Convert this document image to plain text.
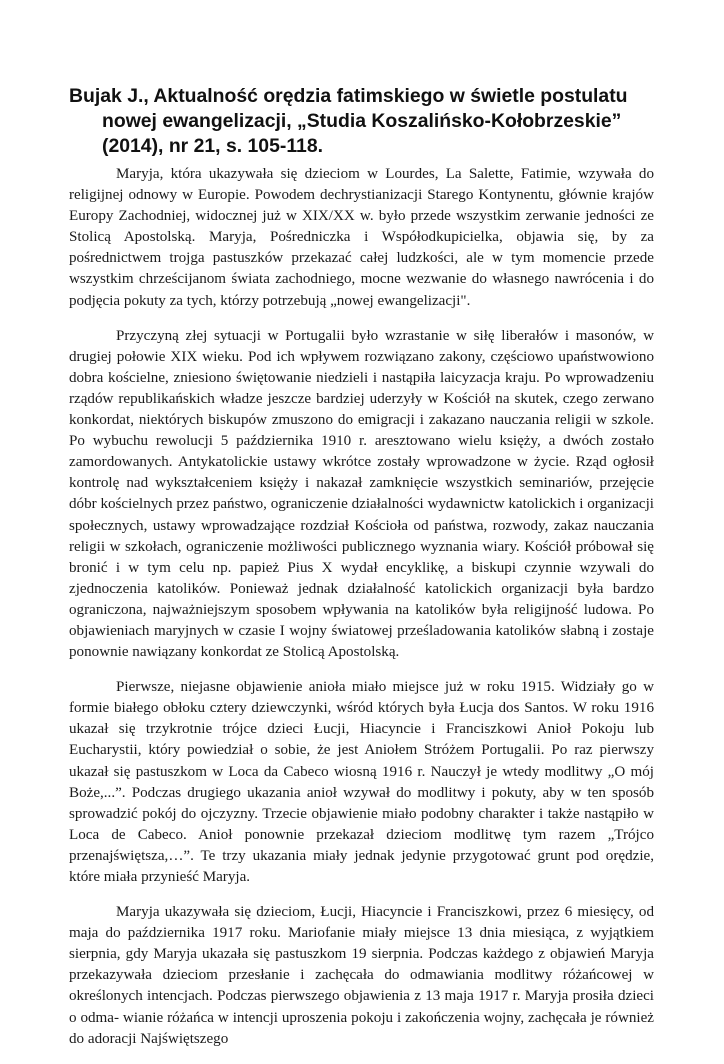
Bujak J., Aktualność orędzia fatimskiego w świetle postulatu nowej ewangelizacji, „Studia Koszalińsko-Kołobrzeskie” (2014), nr 21, s. 105-118.

Maryja, która ukazywała się dzieciom w Lourdes, La Salette, Fatimie, wzywała do religijnej odnowy w Europie. Powodem dechrystianizacji Starego Kontynentu, głównie krajów Europy Zachodniej, widocznej już w XIX/XX w. było przede wszystkim zerwanie jedności ze Stolicą Apostolską. Maryja, Pośredniczka i Współodkupicielka, objawia się, by za pośrednictwem trojga pastuszków przekazać całej ludzkości, ale w tym momencie przede wszystkim chrześcijanom świata zachodniego, mocne wezwanie do własnego nawrócenia i do podjęcia pokuty za tych, którzy potrzebują „nowej ewangelizacji".

Przyczyną złej sytuacji w Portugalii było wzrastanie w siłę liberałów i masonów, w drugiej połowie XIX wieku. Pod ich wpływem rozwiązano zakony, częściowo upaństwowiono dobra kościelne, zniesiono świętowanie niedzieli i nastąpiła laicyzacja kraju. Po wprowadzeniu rządów republikańskich władze jeszcze bardziej uderzyły w Kościół na skutek, czego zerwano konkordat, niektórych biskupów zmuszono do emigracji i zakazano nauczania religii w szkole. Po wybuchu rewolucji 5 października 1910 r. aresztowano wielu księży, a dwóch zostało zamordowanych. Antykatolickie ustawy wkrótce zostały wprowadzone w życie. Rząd ogłosił kontrolę nad wykształceniem księży i nakazał zamknięcie wszystkich seminariów, przejęcie dóbr kościelnych przez państwo, ograniczenie działalności wydawnictw katolickich i organizacji społecznych, ustawy wprowadzające rozdział Kościoła od państwa, rozwody, zakaz nauczania religii w szkołach, ograniczenie możliwości publicznego wyznania wiary. Kościół próbował się bronić i w tym celu np. papież Pius X wydał encyklikę, a biskupi czynnie wzywali do zjednoczenia katolików. Ponieważ jednak działalność katolickich organizacji była bardzo ograniczona, najważniejszym sposobem wpływania na katolików była religijność ludowa. Po objawieniach maryjnych w czasie I wojny światowej prześladowania katolików słabną i zostaje ponownie nawiązany konkordat ze Stolicą Apostolską.

Pierwsze, niejasne objawienie anioła miało miejsce już w roku 1915. Widziały go w formie białego obłoku cztery dziewczynki, wśród których była Łucja dos Santos. W roku 1916 ukazał się trzykrotnie trójce dzieci Łucji, Hiacyncie i Franciszkowi Anioł Pokoju lub Eucharystii, który powiedział o sobie, że jest Aniołem Stróżem Portugalii. Po raz pierwszy ukazał się pastuszkom w Loca da Cabeco wiosną 1916 r. Nauczył je wtedy modlitwy „O mój Boże,...”. Podczas drugiego ukazania anioł wzywał do modlitwy i pokuty, aby w ten sposób sprowadzić pokój do ojczyzny. Trzecie objawienie miało podobny charakter i także nastąpiło w Loca de Cabeco. Anioł ponownie przekazał dzieciom modlitwę tym razem „Trójco przenajświętsza,…”. Te trzy ukazania miały jednak jedynie przygotować grunt pod orędzie, które miała przynieść Maryja.

Maryja ukazywała się dzieciom, Łucji, Hiacyncie i Franciszkowi, przez 6 miesięcy, od maja do października 1917 roku. Mariofanie miały miejsce 13 dnia miesiąca, z wyjątkiem sierpnia, gdy Maryja ukazała się pastuszkom 19 sierpnia. Podczas każdego z objawień Maryja przekazywała dzieciom przesłanie i zachęcała do odmawiania modlitwy różańcowej w określonych intencjach. Podczas pierwszego objawienia z 13 maja 1917 r. Maryja prosiła dzieci o odma- wianie różańca w intencji uproszenia pokoju i zakończenia wojny, zachęcała je również do adoracji Najświętszego
